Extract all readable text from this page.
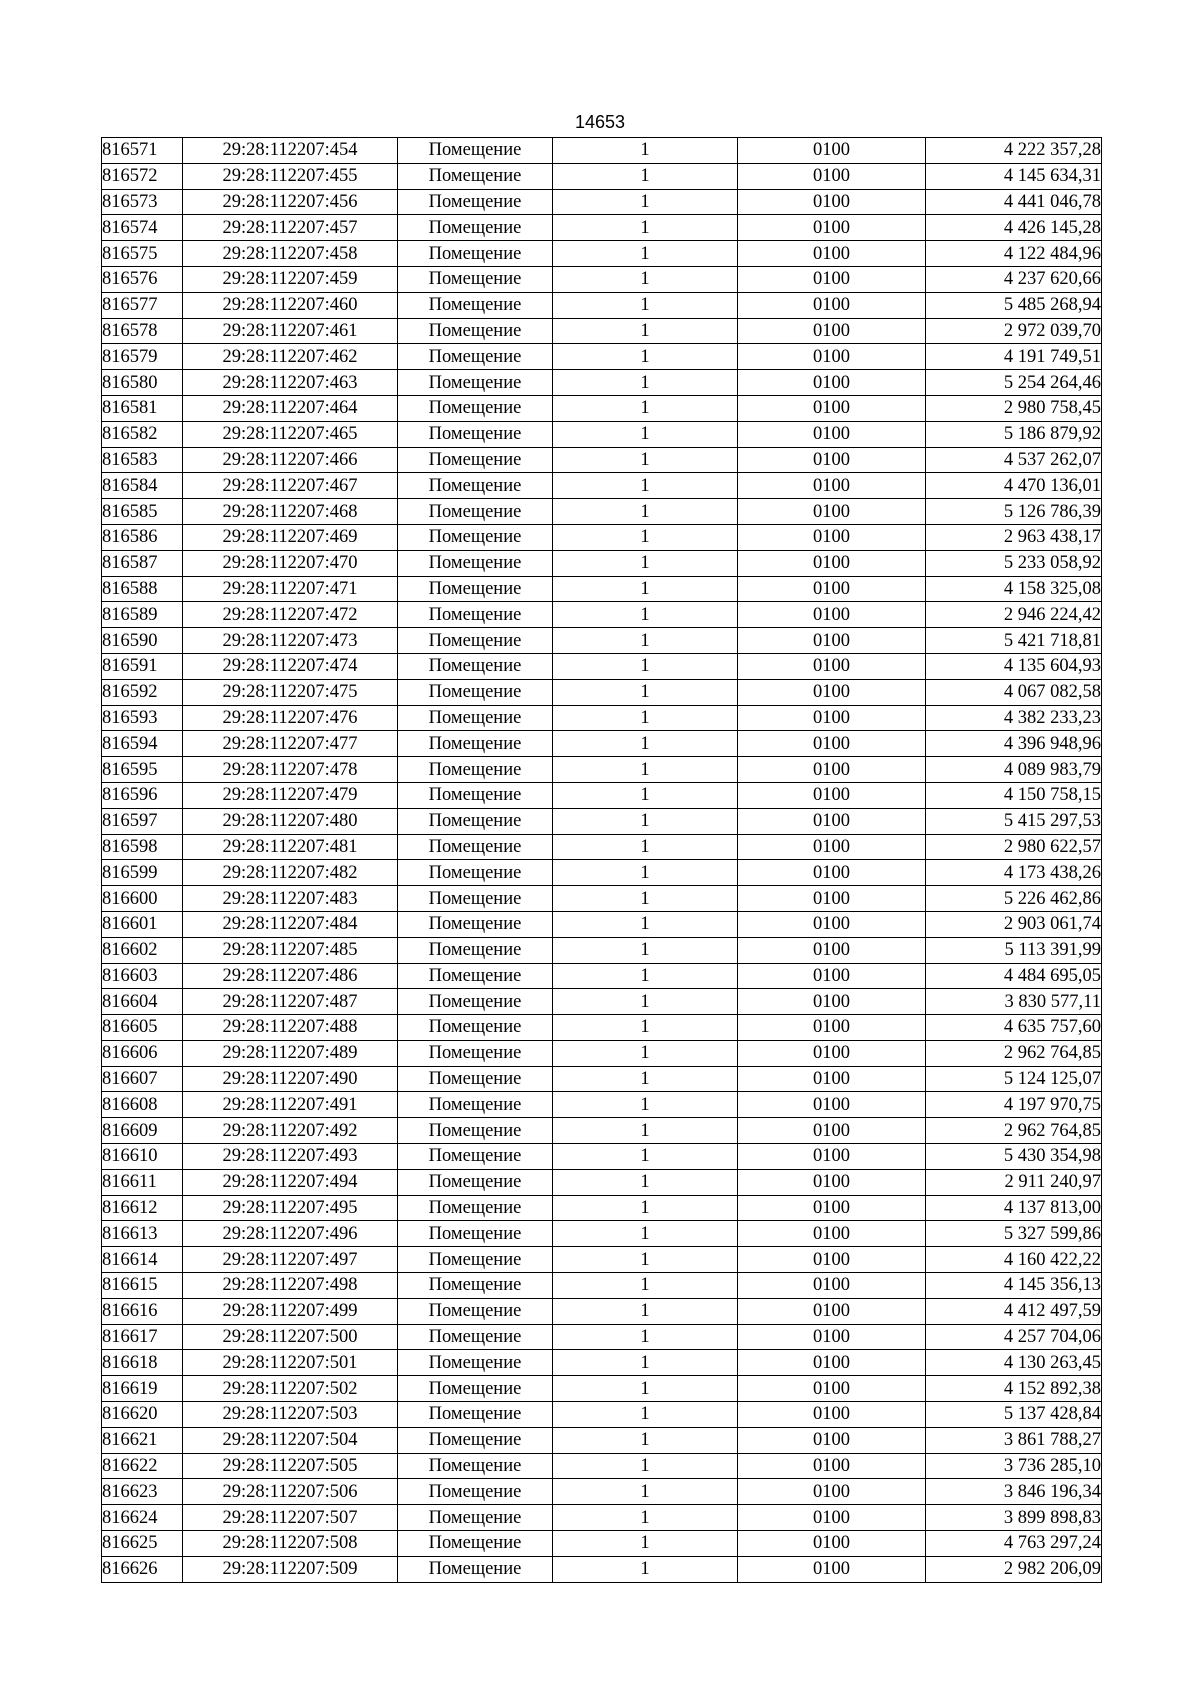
14653
816571	29:28:112207:454	Помещение	1	0100	4 222 357,28
816572	29:28:112207:455	Помещение	1	0100	4 145 634,31
816573	29:28:112207:456	Помещение	1	0100	4 441 046,78
816574	29:28:112207:457	Помещение	1	0100	4 426 145,28
816575	29:28:112207:458	Помещение	1	0100	4 122 484,96
816576	29:28:112207:459	Помещение	1	0100	4 237 620,66
816577	29:28:112207:460	Помещение	1	0100	5 485 268,94
816578	29:28:112207:461	Помещение	1	0100	2 972 039,70
816579	29:28:112207:462	Помещение	1	0100	4 191 749,51
816580	29:28:112207:463	Помещение	1	0100	5 254 264,46
816581	29:28:112207:464	Помещение	1	0100	2 980 758,45
816582	29:28:112207:465	Помещение	1	0100	5 186 879,92
816583	29:28:112207:466	Помещение	1	0100	4 537 262,07
816584	29:28:112207:467	Помещение	1	0100	4 470 136,01
816585	29:28:112207:468	Помещение	1	0100	5 126 786,39
816586	29:28:112207:469	Помещение	1	0100	2 963 438,17
816587	29:28:112207:470	Помещение	1	0100	5 233 058,92
816588	29:28:112207:471	Помещение	1	0100	4 158 325,08
816589	29:28:112207:472	Помещение	1	0100	2 946 224,42
816590	29:28:112207:473	Помещение	1	0100	5 421 718,81
816591	29:28:112207:474	Помещение	1	0100	4 135 604,93
816592	29:28:112207:475	Помещение	1	0100	4 067 082,58
816593	29:28:112207:476	Помещение	1	0100	4 382 233,23
816594	29:28:112207:477	Помещение	1	0100	4 396 948,96
816595	29:28:112207:478	Помещение	1	0100	4 089 983,79
816596	29:28:112207:479	Помещение	1	0100	4 150 758,15
816597	29:28:112207:480	Помещение	1	0100	5 415 297,53
816598	29:28:112207:481	Помещение	1	0100	2 980 622,57
816599	29:28:112207:482	Помещение	1	0100	4 173 438,26
816600	29:28:112207:483	Помещение	1	0100	5 226 462,86
816601	29:28:112207:484	Помещение	1	0100	2 903 061,74
816602	29:28:112207:485	Помещение	1	0100	5 113 391,99
816603	29:28:112207:486	Помещение	1	0100	4 484 695,05
816604	29:28:112207:487	Помещение	1	0100	3 830 577,11
816605	29:28:112207:488	Помещение	1	0100	4 635 757,60
816606	29:28:112207:489	Помещение	1	0100	2 962 764,85
816607	29:28:112207:490	Помещение	1	0100	5 124 125,07
816608	29:28:112207:491	Помещение	1	0100	4 197 970,75
816609	29:28:112207:492	Помещение	1	0100	2 962 764,85
816610	29:28:112207:493	Помещение	1	0100	5 430 354,98
816611	29:28:112207:494	Помещение	1	0100	2 911 240,97
816612	29:28:112207:495	Помещение	1	0100	4 137 813,00
816613	29:28:112207:496	Помещение	1	0100	5 327 599,86
816614	29:28:112207:497	Помещение	1	0100	4 160 422,22
816615	29:28:112207:498	Помещение	1	0100	4 145 356,13
816616	29:28:112207:499	Помещение	1	0100	4 412 497,59
816617	29:28:112207:500	Помещение	1	0100	4 257 704,06
816618	29:28:112207:501	Помещение	1	0100	4 130 263,45
816619	29:28:112207:502	Помещение	1	0100	4 152 892,38
816620	29:28:112207:503	Помещение	1	0100	5 137 428,84
816621	29:28:112207:504	Помещение	1	0100	3 861 788,27
816622	29:28:112207:505	Помещение	1	0100	3 736 285,10
816623	29:28:112207:506	Помещение	1	0100	3 846 196,34
816624	29:28:112207:507	Помещение	1	0100	3 899 898,83
816625	29:28:112207:508	Помещение	1	0100	4 763 297,24
816626	29:28:112207:509	Помещение	1	0100	2 982 206,09
